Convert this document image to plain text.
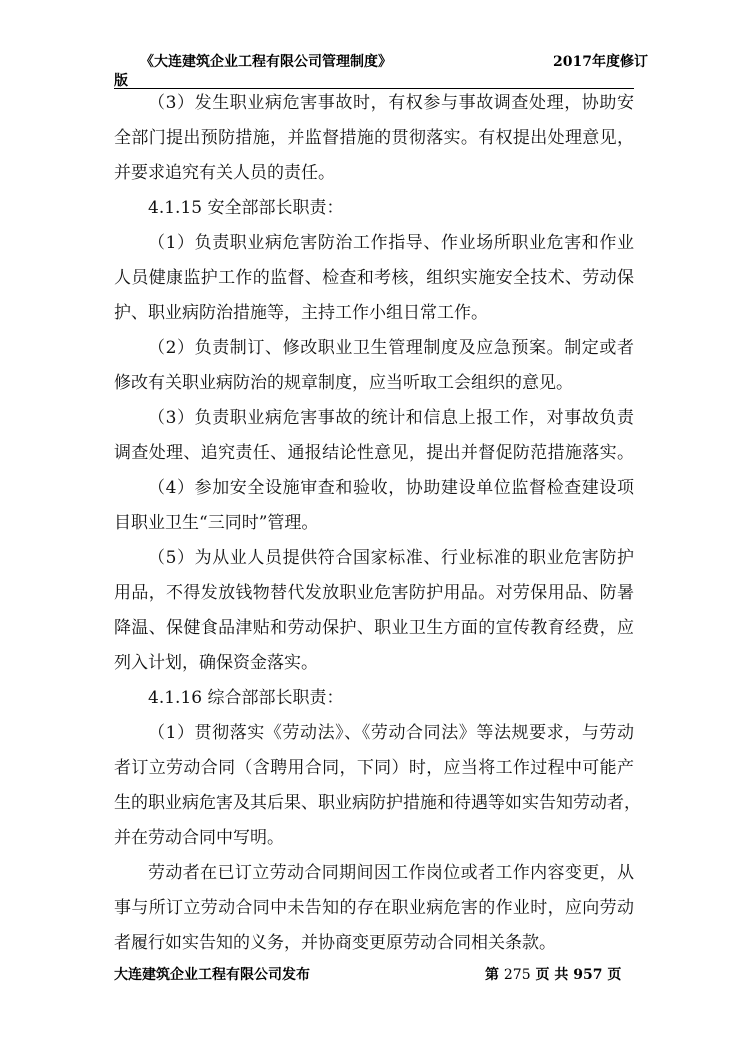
《大连建筑企业工程有限公司管理制度》	2017年度修订
版
（3）发生职业病危害事故时，有权参与事故调查处理，协助安
全部门提出预防措施，并监督措施的贯彻落实。有权提出处理意见，
并要求追究有关人员的责任。
4.1.15 安全部部长职责：
（1）负责职业病危害防治工作指导、作业场所职业危害和作业
人员健康监护工作的监督、检查和考核，组织实施安全技术、劳动保
护、职业病防治措施等，主持工作小组日常工作。
（2）负责制订、修改职业卫生管理制度及应急预案。制定或者
修改有关职业病防治的规章制度，应当听取工会组织的意见。
（3）负责职业病危害事故的统计和信息上报工作，对事故负责
调查处理、追究责任、通报结论性意见，提出并督促防范措施落实。
（4）参加安全设施审查和验收，协助建设单位监督检查建设项
目职业卫生“三同时”管理。
（5）为从业人员提供符合国家标准、行业标准的职业危害防护
用品，不得发放钱物替代发放职业危害防护用品。对劳保用品、防暑
降温、保健食品津贴和劳动保护、职业卫生方面的宣传教育经费，应
列入计划，确保资金落实。
4.1.16 综合部部长职责：
（1）贯彻落实《劳动法》、《劳动合同法》等法规要求，与劳动
者订立劳动合同（含聘用合同，下同）时，应当将工作过程中可能产
生的职业病危害及其后果、职业病防护措施和待遇等如实告知劳动者，
并在劳动合同中写明。
劳动者在已订立劳动合同期间因工作岗位或者工作内容变更，从
事与所订立劳动合同中未告知的存在职业病危害的作业时，应向劳动
者履行如实告知的义务，并协商变更原劳动合同相关条款。
大连建筑企业工程有限公司发布	第 275 页 共 957 页
